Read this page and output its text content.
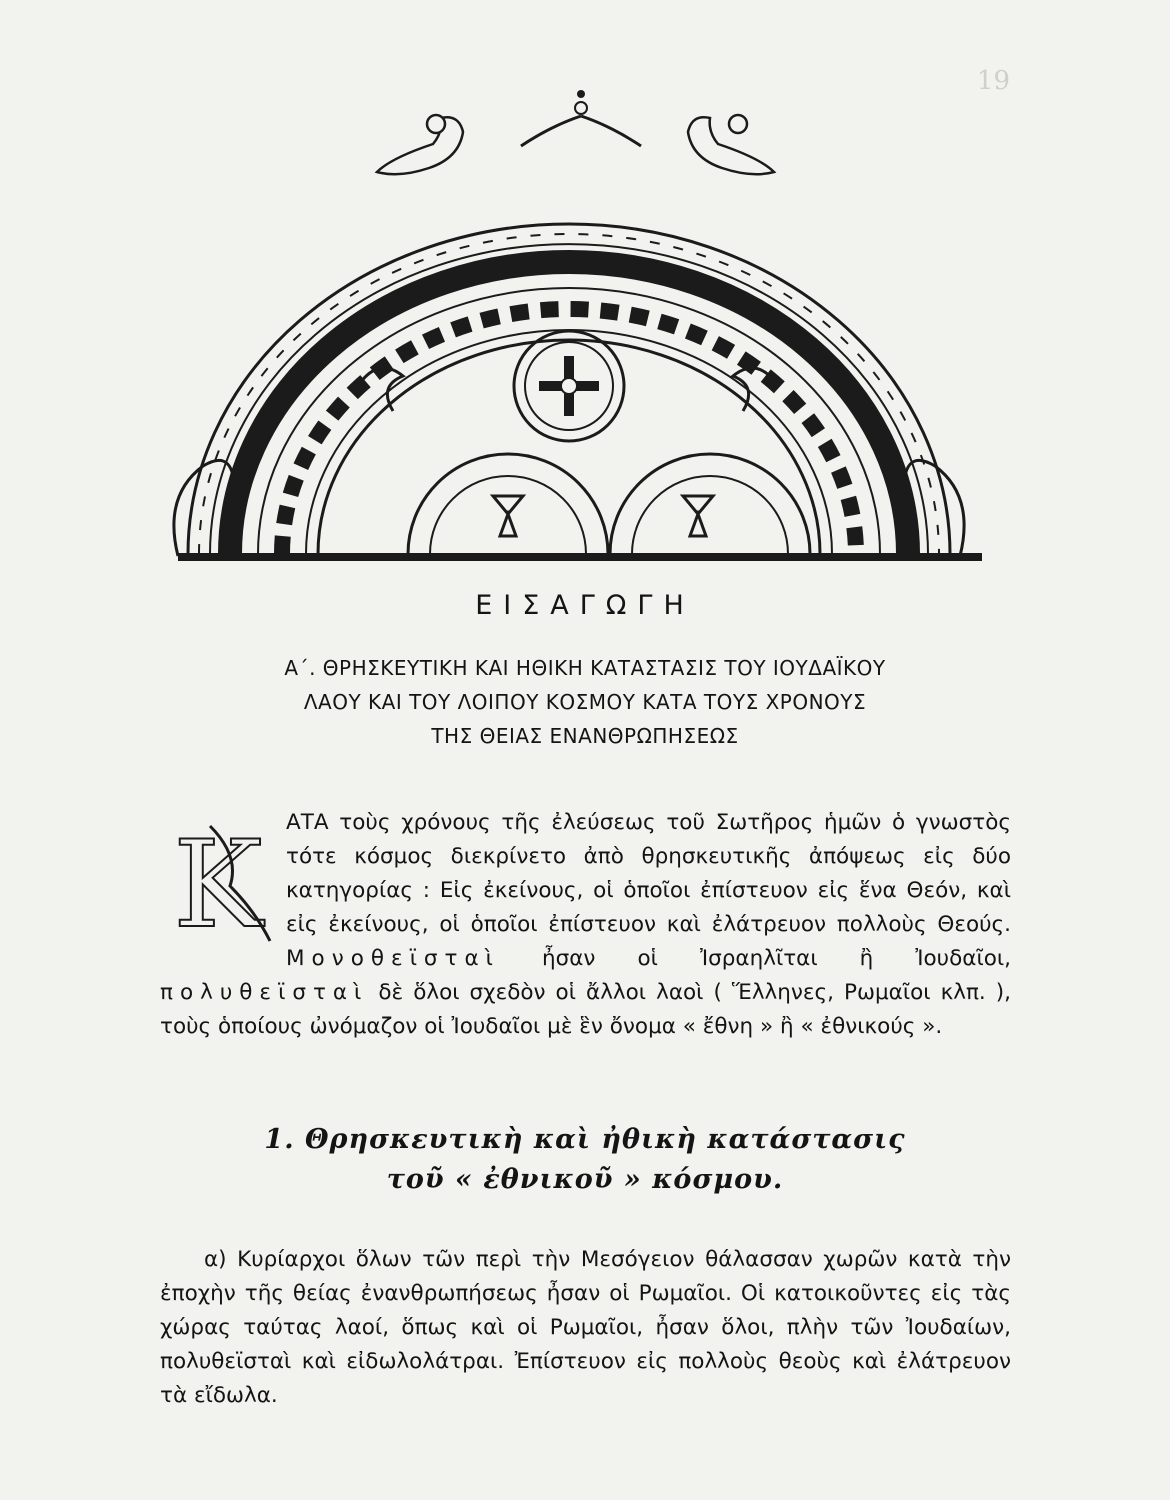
19
ΕΙΣΑΓΩΓΗ
Α΄. ΘΡΗΣΚΕΥΤΙΚΗ ΚΑΙ ΗΘΙΚΗ ΚΑΤΑΣΤΑΣΙΣ ΤΟΥ ΙΟΥΔΑΪΚΟΥ
ΛΑΟΥ ΚΑΙ ΤΟΥ ΛΟΙΠΟΥ ΚΟΣΜΟΥ ΚΑΤΑ ΤΟΥΣ ΧΡΟΝΟΥΣ
ΤΗΣ ΘΕΙΑΣ ΕΝΑΝΘΡΩΠΗΣΕΩΣ
Κ	ΑΤΑ τοὺς χρόνους τῆς ἐλεύσεως τοῦ Σωτῆρος ἡμῶν ὁ γνωστὸς τότε κόσμος διεκρίνετο ἀπὸ θρησκευτικῆς ἀπόψεως εἰς δύο κατηγορίας : Εἰς ἐκείνους, οἱ ὁποῖοι ἐπίστευον εἰς ἕνα Θεόν, καὶ εἰς ἐκείνους, οἱ ὁποῖοι ἐπίστευον καὶ ἐλάτρευον πολλοὺς Θεούς. Μονοθεϊσταὶ ἦσαν οἱ Ἰσραηλῖται ἢ Ἰουδαῖοι, πολυθεϊσταὶ δὲ ὅλοι σχεδὸν οἱ ἄλλοι λαοὶ ( Ἕλληνες, Ρωμαῖοι κλπ. ), τοὺς ὁποίους ὠνόμαζον οἱ Ἰουδαῖοι μὲ ἓν ὄνομα « ἔθνη » ἢ « ἐθνικούς ».

1. Θρησκευτικὴ καὶ ἠθικὴ κατάστασις
τοῦ « ἐθνικοῦ » κόσμου.

α) Κυρίαρχοι ὅλων τῶν περὶ τὴν Μεσόγειον θάλασσαν χωρῶν κατὰ τὴν ἐποχὴν τῆς θείας ἐνανθρωπήσεως ἦσαν οἱ Ρωμαῖοι. Οἱ κατοικοῦντες εἰς τὰς χώρας ταύτας λαοί, ὅπως καὶ οἱ Ρωμαῖοι, ἦσαν ὅλοι, πλὴν τῶν Ἰουδαίων, πολυθεϊσταὶ καὶ εἰδωλολάτραι. Ἐπίστευον εἰς πολλοὺς θεοὺς καὶ ἐλάτρευον τὰ εἴδωλα.
